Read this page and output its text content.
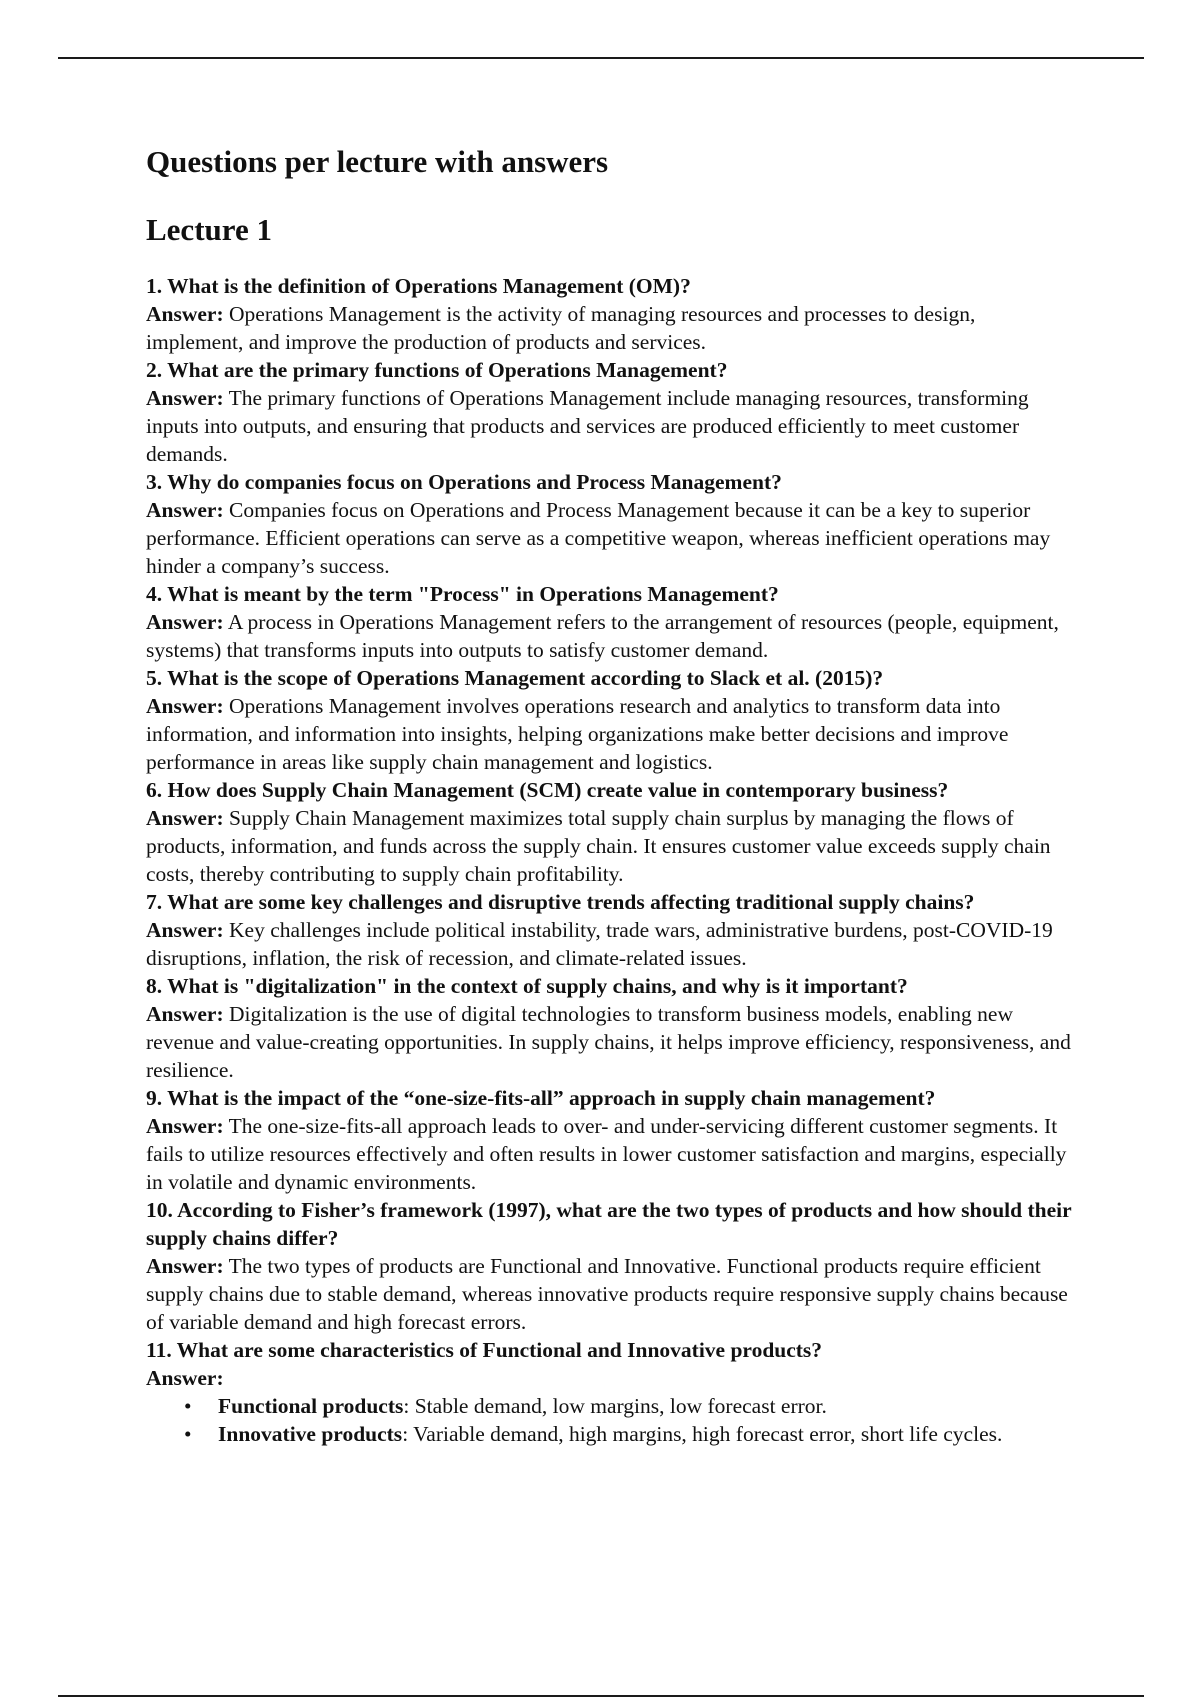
Questions per lecture with answers
Lecture 1

1. What is the definition of Operations Management (OM)?

Answer: Operations Management is the activity of managing resources and processes to design, implement, and improve the production of products and services.

2. What are the primary functions of Operations Management?

Answer: The primary functions of Operations Management include managing resources, transforming inputs into outputs, and ensuring that products and services are produced efficiently to meet customer demands.

3. Why do companies focus on Operations and Process Management?

Answer: Companies focus on Operations and Process Management because it can be a key to superior performance. Efficient operations can serve as a competitive weapon, whereas inefficient operations may hinder a company’s success.

4. What is meant by the term "Process" in Operations Management?

Answer: A process in Operations Management refers to the arrangement of resources (people, equipment, systems) that transforms inputs into outputs to satisfy customer demand.

5. What is the scope of Operations Management according to Slack et al. (2015)?

Answer: Operations Management involves operations research and analytics to transform data into information, and information into insights, helping organizations make better decisions and improve performance in areas like supply chain management and logistics.

6. How does Supply Chain Management (SCM) create value in contemporary business?

Answer: Supply Chain Management maximizes total supply chain surplus by managing the flows of products, information, and funds across the supply chain. It ensures customer value exceeds supply chain costs, thereby contributing to supply chain profitability.

7. What are some key challenges and disruptive trends affecting traditional supply chains?

Answer: Key challenges include political instability, trade wars, administrative burdens, post-COVID-19 disruptions, inflation, the risk of recession, and climate-related issues.

8. What is "digitalization" in the context of supply chains, and why is it important?

Answer: Digitalization is the use of digital technologies to transform business models, enabling new revenue and value-creating opportunities. In supply chains, it helps improve efficiency, responsiveness, and resilience.

9. What is the impact of the “one-size-fits-all” approach in supply chain management?

Answer: The one-size-fits-all approach leads to over- and under-servicing different customer segments. It fails to utilize resources effectively and often results in lower customer satisfaction and margins, especially in volatile and dynamic environments.

10. According to Fisher’s framework (1997), what are the two types of products and how should their supply chains differ?

Answer: The two types of products are Functional and Innovative. Functional products require efficient supply chains due to stable demand, whereas innovative products require responsive supply chains because of variable demand and high forecast errors.

11. What are some characteristics of Functional and Innovative products?

Answer:

• Functional products: Stable demand, low margins, low forecast error.
• Innovative products: Variable demand, high margins, high forecast error, short life cycles.
